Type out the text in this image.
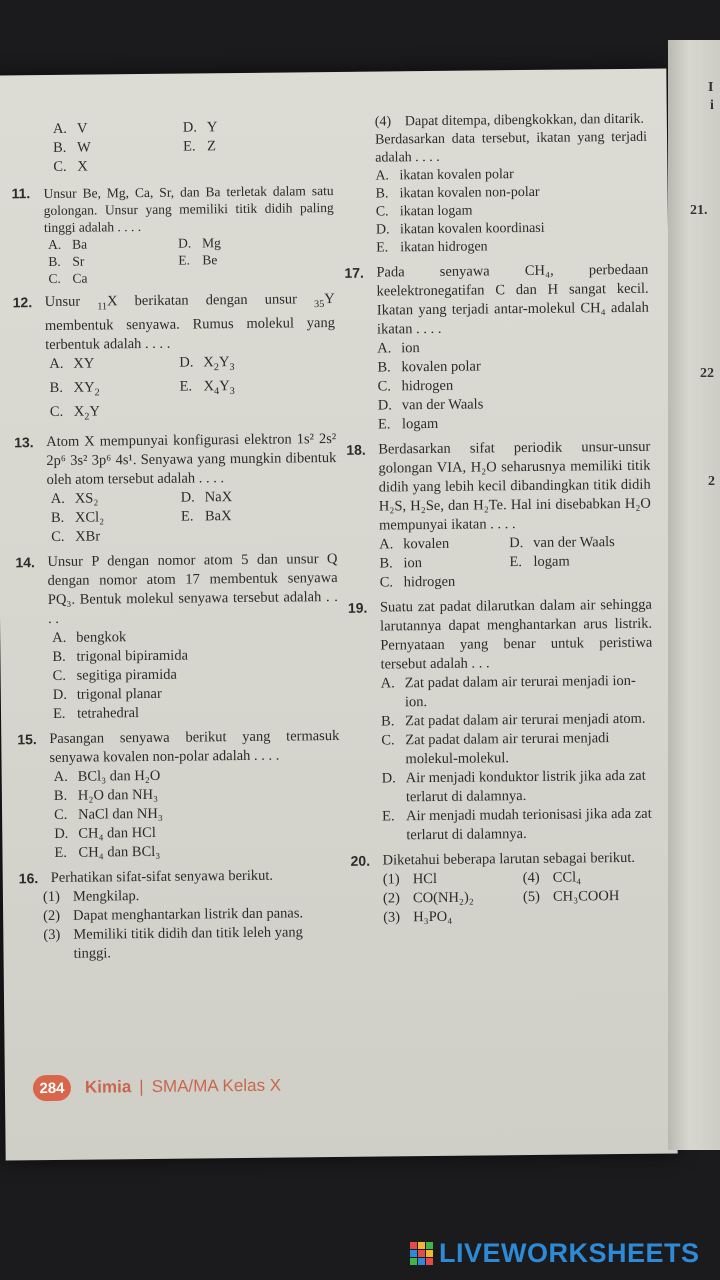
A. V	D. Y
B. W	E. Z
C. X
11. Unsur Be, Mg, Ca, Sr, dan Ba terletak dalam satu golongan. Unsur yang memiliki titik didih paling tinggi adalah . . . .
A. Ba	D. Mg
B. Sr	E. Be
C. Ca
12. Unsur $_{11}$X berikatan dengan unsur $_{35}$Y membentuk senyawa. Rumus molekul yang terbentuk adalah . . . .
A. XY	D. $X_2Y_3$
B. $XY_2$	E. $X_4Y_3$
C. $X_2Y$
13. Atom X mempunyai konfigurasi elektron 1s² 2s² 2p⁶ 3s² 3p⁶ 4s¹. Senyawa yang mungkin dibentuk oleh atom tersebut adalah . . . .
A. XS₂	D. NaX
B. XCl₂	E. BaX
C. XBr
14. Unsur P dengan nomor atom 5 dan unsur Q dengan nomor atom 17 membentuk senyawa PQ₃. Bentuk molekul senyawa tersebut adalah . . . .
A. bengkok
B. trigonal bipiramida
C. segitiga piramida
D. trigonal planar
E. tetrahedral
15. Pasangan senyawa berikut yang termasuk senyawa kovalen non-polar adalah . . . .
A. BCl₃ dan H₂O
B. H₂O dan NH₃
C. NaCl dan NH₃
D. CH₄ dan HCl
E. CH₄ dan BCl₃
16. Perhatikan sifat-sifat senyawa berikut.
(1) Mengkilap.
(2) Dapat menghantarkan listrik dan panas.
(3) Memiliki titik didih dan titik leleh yang tinggi.
(4) Dapat ditempa, dibengkokkan, dan ditarik.
Berdasarkan data tersebut, ikatan yang terjadi adalah . . . .
A. ikatan kovalen polar
B. ikatan kovalen non-polar
C. ikatan logam
D. ikatan kovalen koordinasi
E. ikatan hidrogen
17. Pada senyawa CH₄, perbedaan keelektronegatifan C dan H sangat kecil. Ikatan yang terjadi antar-molekul CH₄ adalah ikatan . . . .
A. ion
B. kovalen polar
C. hidrogen
D. van der Waals
E. logam
18. Berdasarkan sifat periodik unsur-unsur golongan VIA, H₂O seharusnya memiliki titik didih yang lebih kecil dibandingkan titik didih H₂S, H₂Se, dan H₂Te. Hal ini disebabkan H₂O mempunyai ikatan . . . .
A. kovalen	D. van der Waals
B. ion	E. logam
C. hidrogen
19. Suatu zat padat dilarutkan dalam air sehingga larutannya dapat menghantarkan arus listrik. Pernyataan yang benar untuk peristiwa tersebut adalah . . .
A. Zat padat dalam air terurai menjadi ion-ion.
B. Zat padat dalam air terurai menjadi atom.
C. Zat padat dalam air terurai menjadi molekul-molekul.
D. Air menjadi konduktor listrik jika ada zat terlarut di dalamnya.
E. Air menjadi mudah terionisasi jika ada zat terlarut di dalamnya.
20. Diketahui beberapa larutan sebagai berikut.
(1) HCl	(4) CCl₄
(2) CO(NH₂)₂	(5) CH₃COOH
(3) H₃PO₄
284	Kimia | SMA/MA Kelas X
I
i
21.
22
2
LIVEWORKSHEETS
